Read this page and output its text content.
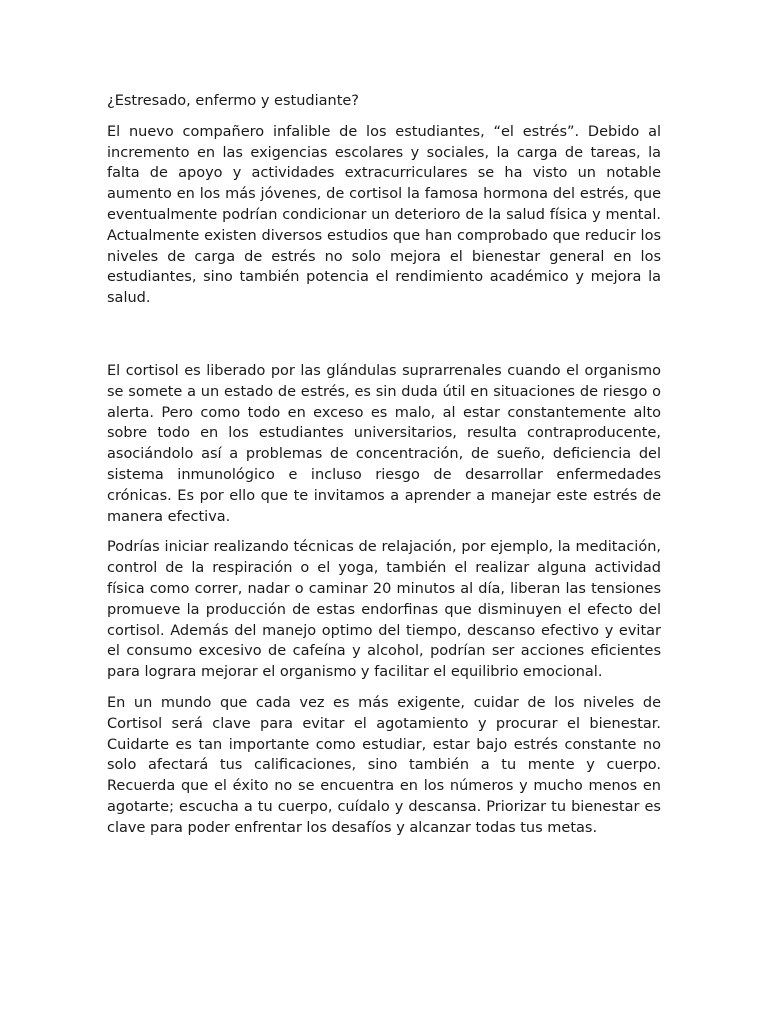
¿Estresado, enfermo y estudiante?

El nuevo compañero infalible de los estudiantes, “el estrés”. Debido al incremento en las exigencias escolares y sociales, la carga de tareas, la falta de apoyo y actividades extracurriculares se ha visto un notable aumento en los más jóvenes, de cortisol la famosa hormona del estrés, que eventualmente podrían condicionar un deterioro de la salud física y mental. Actualmente existen diversos estudios que han comprobado que reducir los niveles de carga de estrés no solo mejora el bienestar general en los estudiantes, sino también potencia el rendimiento académico y mejora la salud.

El cortisol es liberado por las glándulas suprarrenales cuando el organismo se somete a un estado de estrés, es sin duda útil en situaciones de riesgo o alerta. Pero como todo en exceso es malo, al estar constantemente alto sobre todo en los estudiantes universitarios, resulta contraproducente, asociándolo así a problemas de concentración, de sueño, deficiencia del sistema inmunológico e incluso riesgo de desarrollar enfermedades crónicas. Es por ello que te invitamos a aprender a manejar este estrés de manera efectiva.

Podrías iniciar realizando técnicas de relajación, por ejemplo, la meditación, control de la respiración o el yoga, también el realizar alguna actividad física como correr, nadar o caminar 20 minutos al día, liberan las tensiones promueve la producción de estas endorfinas que disminuyen el efecto del cortisol. Además del manejo optimo del tiempo, descanso efectivo y evitar el consumo excesivo de cafeína y alcohol, podrían ser acciones eficientes para lograra mejorar el organismo y facilitar el equilibrio emocional.

En un mundo que cada vez es más exigente, cuidar de los niveles de Cortisol será clave para evitar el agotamiento y procurar el bienestar. Cuidarte es tan importante como estudiar, estar bajo estrés constante no solo afectará tus calificaciones, sino también a tu mente y cuerpo. Recuerda que el éxito no se encuentra en los números y mucho menos en agotarte; escucha a tu cuerpo, cuídalo y descansa. Priorizar tu bienestar es clave para poder enfrentar los desafíos y alcanzar todas tus metas.
